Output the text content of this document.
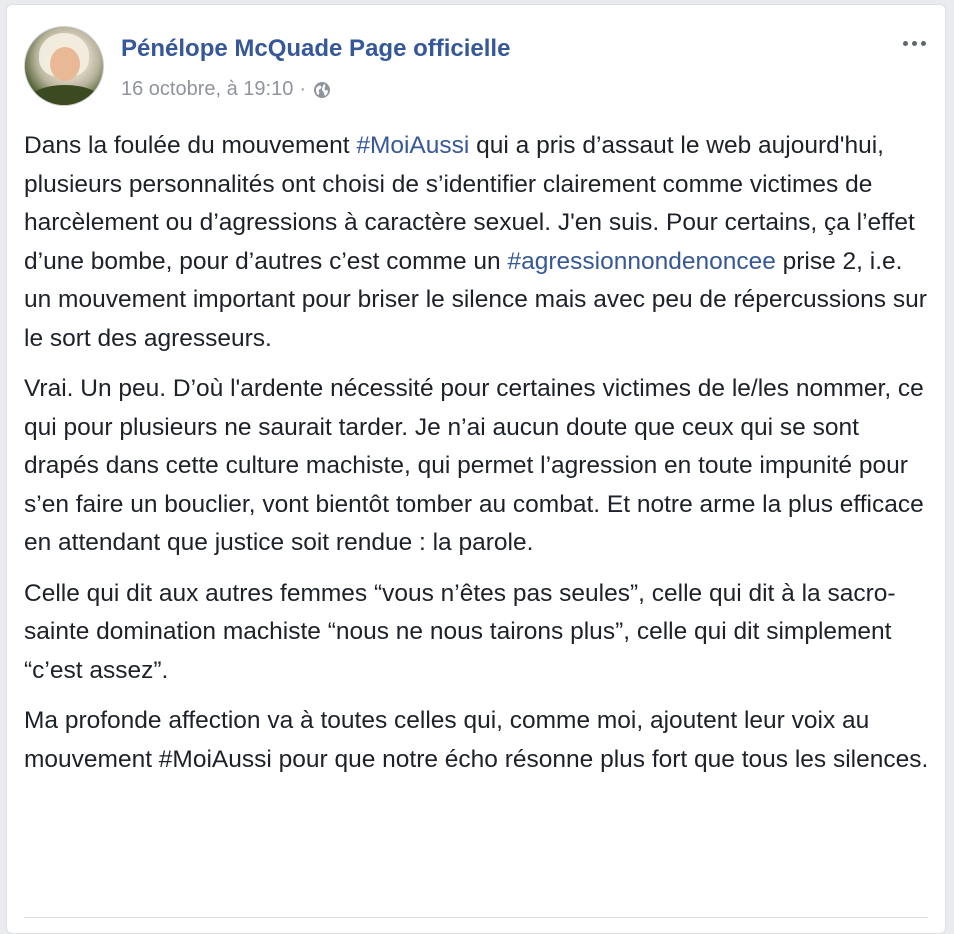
Pénélope McQuade Page officielle
16 octobre, à 19:10 ·

Dans la foulée du mouvement #MoiAussi qui a pris d’assaut le web aujourd'hui, plusieurs personnalités ont choisi de s’identifier clairement comme victimes de harcèlement ou d’agressions à caractère sexuel. J'en suis. Pour certains, ça l’effet d’une bombe, pour d’autres c’est comme un #agressionnondenoncee prise 2, i.e. un mouvement important pour briser le silence mais avec peu de répercussions sur le sort des agresseurs.

Vrai. Un peu. D’où l'ardente nécessité pour certaines victimes de le/les nommer, ce qui pour plusieurs ne saurait tarder. Je n’ai aucun doute que ceux qui se sont drapés dans cette culture machiste, qui permet l’agression en toute impunité pour s’en faire un bouclier, vont bientôt tomber au combat. Et notre arme la plus efficace en attendant que justice soit rendue : la parole.

Celle qui dit aux autres femmes “vous n’êtes pas seules”, celle qui dit à la sacro-sainte domination machiste “nous ne nous tairons plus”, celle qui dit simplement “c’est assez”.

Ma profonde affection va à toutes celles qui, comme moi, ajoutent leur voix au mouvement #MoiAussi pour que notre écho résonne plus fort que tous les silences.
